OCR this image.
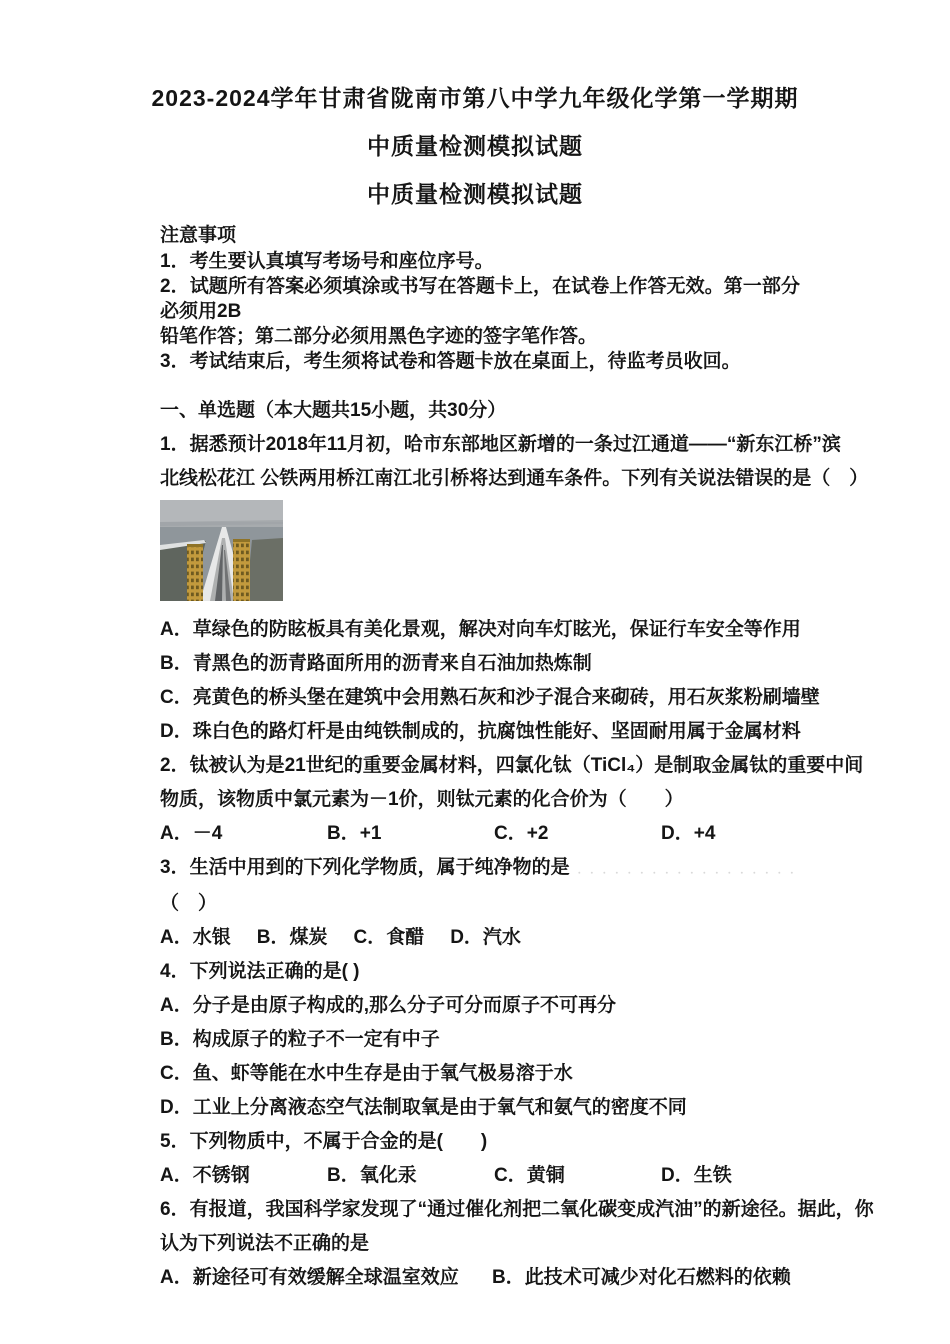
2023-2024学年甘肃省陇南市第八中学九年级化学第一学期期
中质量检测模拟试题
中质量检测模拟试题
注意事项
1．考生要认真填写考场号和座位序号。
2．试题所有答案必须填涂或书写在答题卡上，在试卷上作答无效。第一部分必须用2B
铅笔作答；第二部分必须用黑色字迹的签字笔作答。
3．考试结束后，考生须将试卷和答题卡放在桌面上，待监考员收回。
一、单选题（本大题共15小题，共30分）
1．据悉预计2018年11月初，哈市东部地区新增的一条过江通道——“新东江桥”滨
北线松花江 公铁两用桥江南江北引桥将达到通车条件。下列有关说法错误的是（　）
A．草绿色的防眩板具有美化景观，解决对向车灯眩光，保证行车安全等作用
B．青黑色的沥青路面所用的沥青来自石油加热炼制
C．亮黄色的桥头堡在建筑中会用熟石灰和沙子混合来砌砖，用石灰浆粉刷墙壁
D．珠白色的路灯杆是由纯铁制成的，抗腐蚀性能好、坚固耐用属于金属材料
2．钛被认为是21世纪的重要金属材料，四氯化钛（TiCl₄）是制取金属钛的重要中间
物质，该物质中氯元素为－1价，则钛元素的化合价为（　　）
A．－4	B．+1	C．+2	D．+4
3．生活中用到的下列化学物质，属于纯净物的是 ．．．．．．．．．．．．．．．．．．
（　）
A．水银 B．煤炭 C．食醋 D．汽水
4．下列说法正确的是( )
A．分子是由原子构成的,那么分子可分而原子不可再分
B．构成原子的粒子不一定有中子
C．鱼、虾等能在水中生存是由于氧气极易溶于水
D．工业上分离液态空气法制取氧是由于氧气和氨气的密度不同
5．下列物质中，不属于合金的是(　　)
A．不锈钢	B．氧化汞	C．黄铜	D．生铁
6．有报道，我国科学家发现了“通过催化剂把二氧化碳变成汽油”的新途径。据此，你
认为下列说法不正确的是
A．新途径可有效缓解全球温室效应	B．此技术可减少对化石燃料的依赖
